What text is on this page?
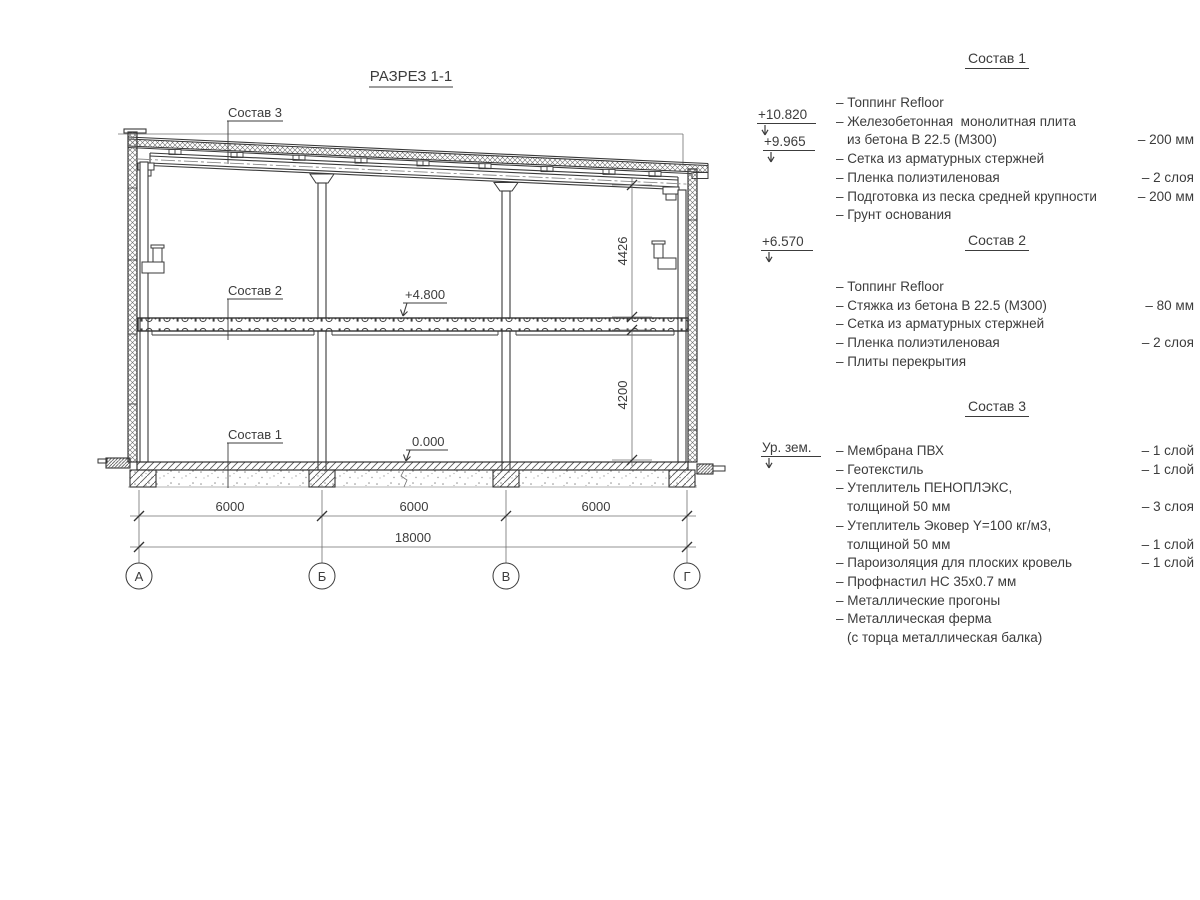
6000	6000	6000
18000
А	Б	В	Г
4426
4200
Состав 3
Состав 2
Состав 1
+4.800
0.000
РАЗРЕЗ 1-1
+10.820
+9.965
+6.570
Ур. зем.
Состав 1
– Топпинг Refloor
– Железобетонная  монолитная плита
из бетона В 22.5 (М300)	– 200 мм
– Сетка из арматурных стержней
– Пленка полиэтиленовая	– 2 слоя
– Подготовка из песка средней крупности	– 200 мм
– Грунт основания
Состав 2
– Топпинг Refloor
– Стяжка из бетона В 22.5 (М300)	– 80 мм
– Сетка из арматурных стержней
– Пленка полиэтиленовая	– 2 слоя
– Плиты перекрытия
Состав 3
– Мембрана ПВХ	– 1 слой
– Геотекстиль	– 1 слой
– Утеплитель ПЕНОПЛЭКС,
толщиной 50 мм	– 3 слоя
– Утеплитель Эковер Y=100 кг/м3,
толщиной 50 мм	– 1 слой
– Пароизоляция для плоских кровель	– 1 слой
– Профнастил НС 35х0.7 мм
– Металлические прогоны
– Металлическая ферма
(с торца металлическая балка)
